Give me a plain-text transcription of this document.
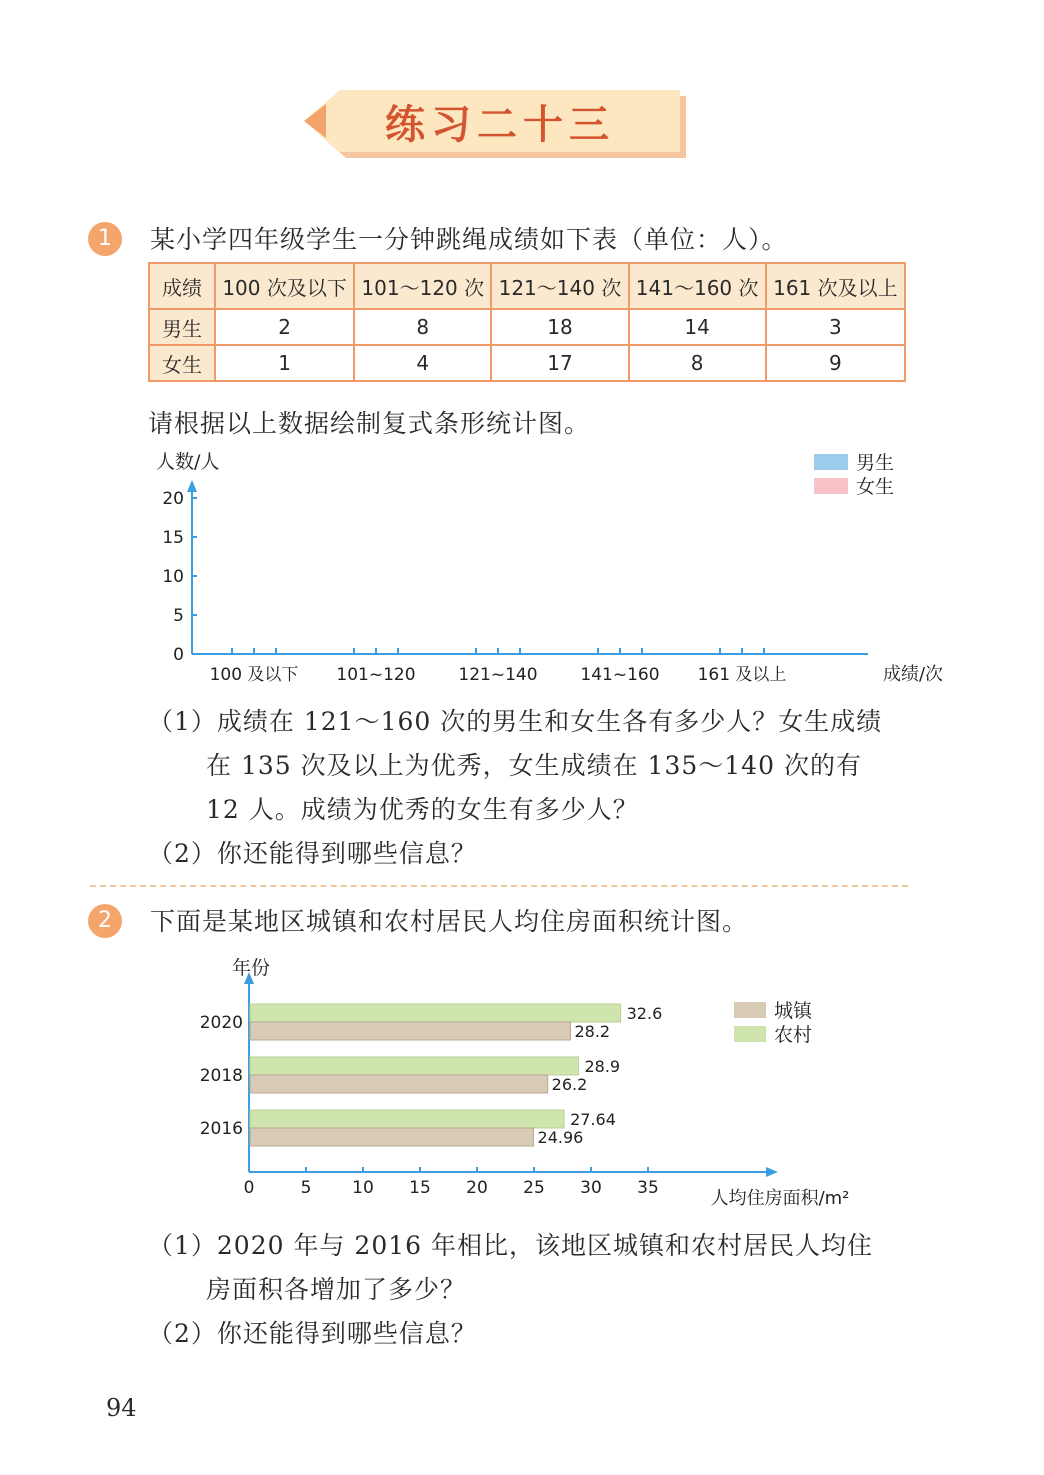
练习二十三
1	某小学四年级学生一分钟跳绳成绩如下表（单位：人）。
成绩	100 次及以下	101～120 次	121～140 次	141～160 次	161 次及以上
男生	2	8	18	14	3
女生	1	4	17	8	9
请根据以上数据绘制复式条形统计图。
人数/人
0
5
10
15
20
100 及以下 101~120	121~140	141~160 161 及以上	成绩/次
男生
女生
（1）成绩在 121～160 次的男生和女生各有多少人？女生成绩
在 135 次及以上为优秀，女生成绩在 135～140 次的有
12 人。成绩为优秀的女生有多少人？
（2）你还能得到哪些信息？
2	下面是某地区城镇和农村居民人均住房面积统计图。
年份
0	5 10 15 20 25 30 35	人均住房面积/m²
2020	32.6
28.2
2018	28.9
26.2
2016	27.64
24.96
城镇
农村
（1）2020 年与 2016 年相比，该地区城镇和农村居民人均住
房面积各增加了多少？
（2）你还能得到哪些信息？
94
